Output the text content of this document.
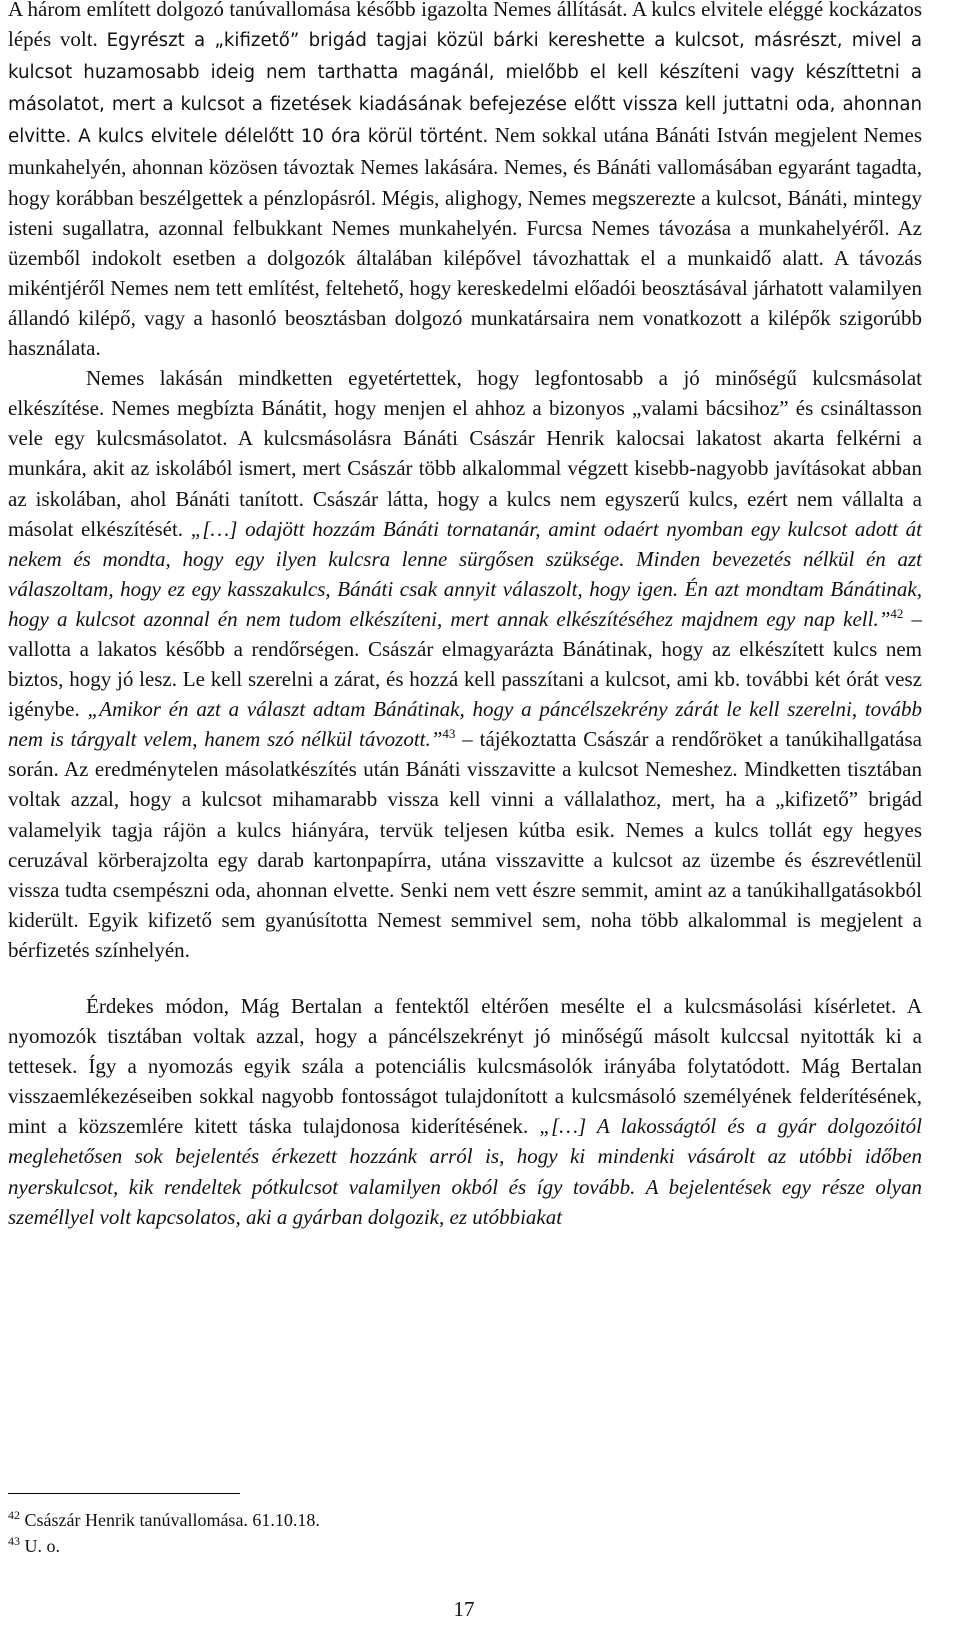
A három említett dolgozó tanúvallomása később igazolta Nemes állítását. A kulcs elvitele eléggé kockázatos lépés volt. Egyrészt a „kifizető” brigád tagjai közül bárki kereshette a kulcsot, másrészt, mivel a kulcsot huzamosabb ideig nem tarthatta magánál, mielőbb el kell készíteni vagy készíttetni a másolatot, mert a kulcsot a fizetések kiadásának befejezése előtt vissza kell juttatni oda, ahonnan elvitte. A kulcs elvitele délelőtt 10 óra körül történt. Nem sokkal utána Bánáti István megjelent Nemes munkahelyén, ahonnan közösen távoztak Nemes lakására. Nemes, és Bánáti vallomásában egyaránt tagadta, hogy korábban beszélgettek a pénzlopásról. Mégis, alighogy, Nemes megszerezte a kulcsot, Bánáti, mintegy isteni sugallatra, azonnal felbukkant Nemes munkahelyén. Furcsa Nemes távozása a munkahelyéről. Az üzemből indokolt esetben a dolgozók általában kilépővel távozhattak el a munkaidő alatt. A távozás mikéntjéről Nemes nem tett említést, feltehető, hogy kereskedelmi előadói beosztásával járhatott valamilyen állandó kilépő, vagy a hasonló beosztásban dolgozó munkatársaira nem vonatkozott a kilépők szigorúbb használata.

Nemes lakásán mindketten egyetértettek, hogy legfontosabb a jó minőségű kulcsmásolat elkészítése. Nemes megbízta Bánátit, hogy menjen el ahhoz a bizonyos „valami bácsihoz” és csináltasson vele egy kulcsmásolatot. A kulcsmásolásra Bánáti Császár Henrik kalocsai lakatost akarta felkérni a munkára, akit az iskolából ismert, mert Császár több alkalommal végzett kisebb-nagyobb javításokat abban az iskolában, ahol Bánáti tanított. Császár látta, hogy a kulcs nem egyszerű kulcs, ezért nem vállalta a másolat elkészítését. „[…] odajött hozzám Bánáti tornatanár, amint odaért nyomban egy kulcsot adott át nekem és mondta, hogy egy ilyen kulcsra lenne sürgősen szüksége. Minden bevezetés nélkül én azt válaszoltam, hogy ez egy kasszakulcs, Bánáti csak annyit válaszolt, hogy igen. Én azt mondtam Bánátinak, hogy a kulcsot azonnal én nem tudom elkészíteni, mert annak elkészítéséhez majdnem egy nap kell.”$^{42}$ – vallotta a lakatos később a rendőrségen. Császár elmagyarázta Bánátinak, hogy az elkészített kulcs nem biztos, hogy jó lesz. Le kell szerelni a zárat, és hozzá kell passzítani a kulcsot, ami kb. további két órát vesz igénybe. „Amikor én azt a választ adtam Bánátinak, hogy a páncélszekrény zárát le kell szerelni, tovább nem is tárgyalt velem, hanem szó nélkül távozott.”$^{43}$ – tájékoztatta Császár a rendőröket a tanúkihallgatása során. Az eredménytelen másolatkészítés után Bánáti visszavitte a kulcsot Nemeshez. Mindketten tisztában voltak azzal, hogy a kulcsot mihamarabb vissza kell vinni a vállalathoz, mert, ha a „kifizető” brigád valamelyik tagja rájön a kulcs hiányára, tervük teljesen kútba esik. Nemes a kulcs tollát egy hegyes ceruzával körberajzolta egy darab kartonpapírra, utána visszavitte a kulcsot az üzembe és észrevétlenül vissza tudta csempészni oda, ahonnan elvette. Senki nem vett észre semmit, amint az a tanúkihallgatásokból kiderült. Egyik kifizető sem gyanúsította Nemest semmivel sem, noha több alkalommal is megjelent a bérfizetés színhelyén.

Érdekes módon, Mág Bertalan a fentektől eltérően mesélte el a kulcsmásolási kísérletet. A nyomozók tisztában voltak azzal, hogy a páncélszekrényt jó minőségű másolt kulccsal nyitották ki a tettesek. Így a nyomozás egyik szála a potenciális kulcsmásolók irányába folytatódott. Mág Bertalan visszaemlékezéseiben sokkal nagyobb fontosságot tulajdonított a kulcsmásoló személyének felderítésének, mint a közszemlére kitett táska tulajdonosa kiderítésének. „[…] A lakosságtól és a gyár dolgozóitól meglehetősen sok bejelentés érkezett hozzánk arról is, hogy ki mindenki vásárolt az utóbbi időben nyerskulcsot, kik rendeltek pótkulcsot valamilyen okból és így tovább. A bejelentések egy része olyan személlyel volt kapcsolatos, aki a gyárban dolgozik, ez utóbbiakat

$^{42}$ Császár Henrik tanúvallomása. 61.10.18.
$^{43}$ U. o.
17
